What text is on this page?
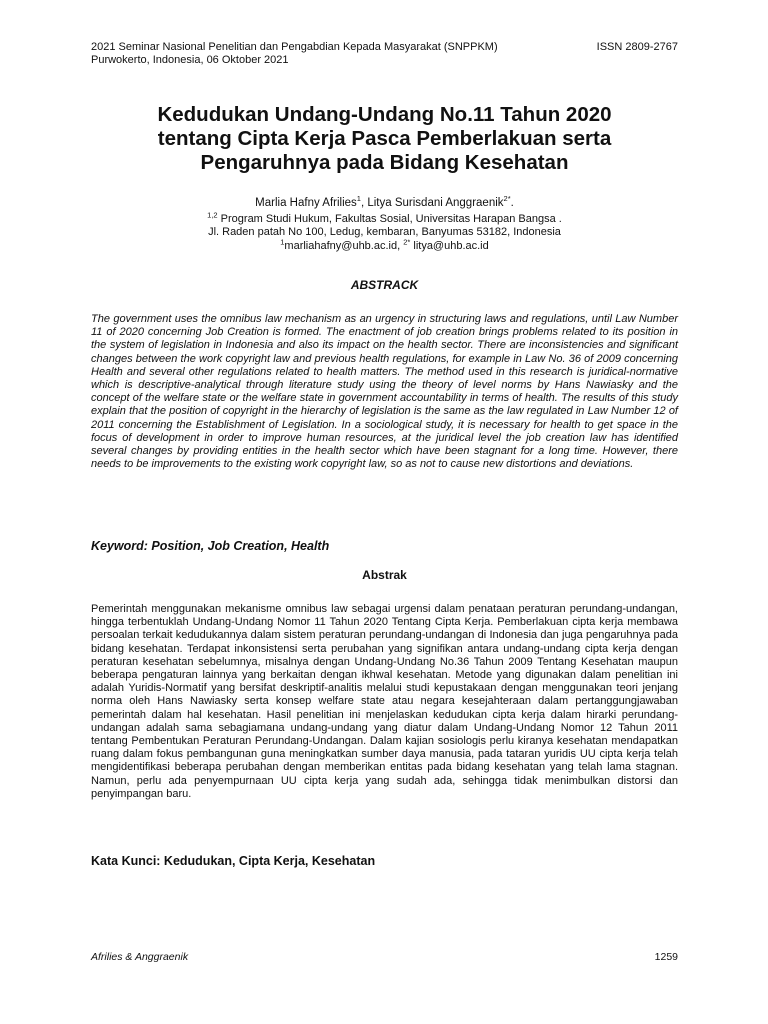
2021 Seminar Nasional Penelitian dan Pengabdian Kepada Masyarakat (SNPPKM)
Purwokerto, Indonesia, 06 Oktober 2021
ISSN 2809-2767
Kedudukan Undang-Undang No.11 Tahun 2020
tentang Cipta Kerja Pasca Pemberlakuan serta
Pengaruhnya pada Bidang Kesehatan
Marlia Hafny Afrilies$^1$, Litya Surisdani Anggraenik$^{2*}$.
$^{1,2}$ Program Studi Hukum, Fakultas Sosial, Universitas Harapan Bangsa .
Jl. Raden patah No 100, Ledug, kembaran, Banyumas 53182, Indonesia
$^1$marliahafny@uhb.ac.id, $^{2*}$ litya@uhb.ac.id
ABSTRACK

The government uses the omnibus law mechanism as an urgency in structuring laws and regulations, until Law Number 11 of 2020 concerning Job Creation is formed. The enactment of job creation brings problems related to its position in the system of legislation in Indonesia and also its impact on the health sector. There are inconsistencies and significant changes between the work copyright law and previous health regulations, for example in Law No. 36 of 2009 concerning Health and several other regulations related to health matters. The method used in this research is juridical-normative which is descriptive-analytical through literature study using the theory of level norms by Hans Nawiasky and the concept of the welfare state or the welfare state in government accountability in terms of health. The results of this study explain that the position of copyright in the hierarchy of legislation is the same as the law regulated in Law Number 12 of 2011 concerning the Establishment of Legislation. In a sociological study, it is necessary for health to get space in the focus of development in order to improve human resources, at the juridical level the job creation law has identified several changes by providing entities in the health sector which have been stagnant for a long time. However, there needs to be improvements to the existing work copyright law, so as not to cause new distortions and deviations.

Keyword: Position, Job Creation, Health
Abstrak

Pemerintah menggunakan mekanisme omnibus law sebagai urgensi dalam penataan peraturan perundang-undangan, hingga terbentuklah Undang-Undang Nomor 11 Tahun 2020 Tentang Cipta Kerja. Pemberlakuan cipta kerja membawa persoalan terkait kedudukannya dalam sistem peraturan perundang-undangan di Indonesia dan juga pengaruhnya pada bidang kesehatan. Terdapat inkonsistensi serta perubahan yang signifikan antara undang-undang cipta kerja dengan peraturan kesehatan sebelumnya, misalnya dengan Undang-Undang No.36 Tahun 2009 Tentang Kesehatan maupun beberapa pengaturan lainnya yang berkaitan dengan ikhwal kesehatan. Metode yang digunakan dalam penelitian ini adalah Yuridis-Normatif yang bersifat deskriptif-analitis melalui studi kepustakaan dengan menggunakan teori jenjang norma oleh Hans Nawiasky serta konsep welfare state atau negara kesejahteraan dalam pertanggungjawaban pemerintah dalam hal kesehatan. Hasil penelitian ini menjelaskan kedudukan cipta kerja dalam hirarki perundang-undangan adalah sama sebagiamana undang-undang yang diatur dalam Undang-Undang Nomor 12 Tahun 2011 tentang Pembentukan Peraturan Perundang-Undangan. Dalam kajian sosiologis perlu kiranya kesehatan mendapatkan ruang dalam fokus pembangunan guna meningkatkan sumber daya manusia, pada tataran yuridis UU cipta kerja telah mengidentifikasi beberapa perubahan dengan memberikan entitas pada bidang kesehatan yang telah lama stagnan. Namun, perlu ada penyempurnaan UU cipta kerja yang sudah ada, sehingga tidak menimbulkan distorsi dan penyimpangan baru.

Kata Kunci: Kedudukan, Cipta Kerja, Kesehatan
Afrilies & Anggraenik	1259
